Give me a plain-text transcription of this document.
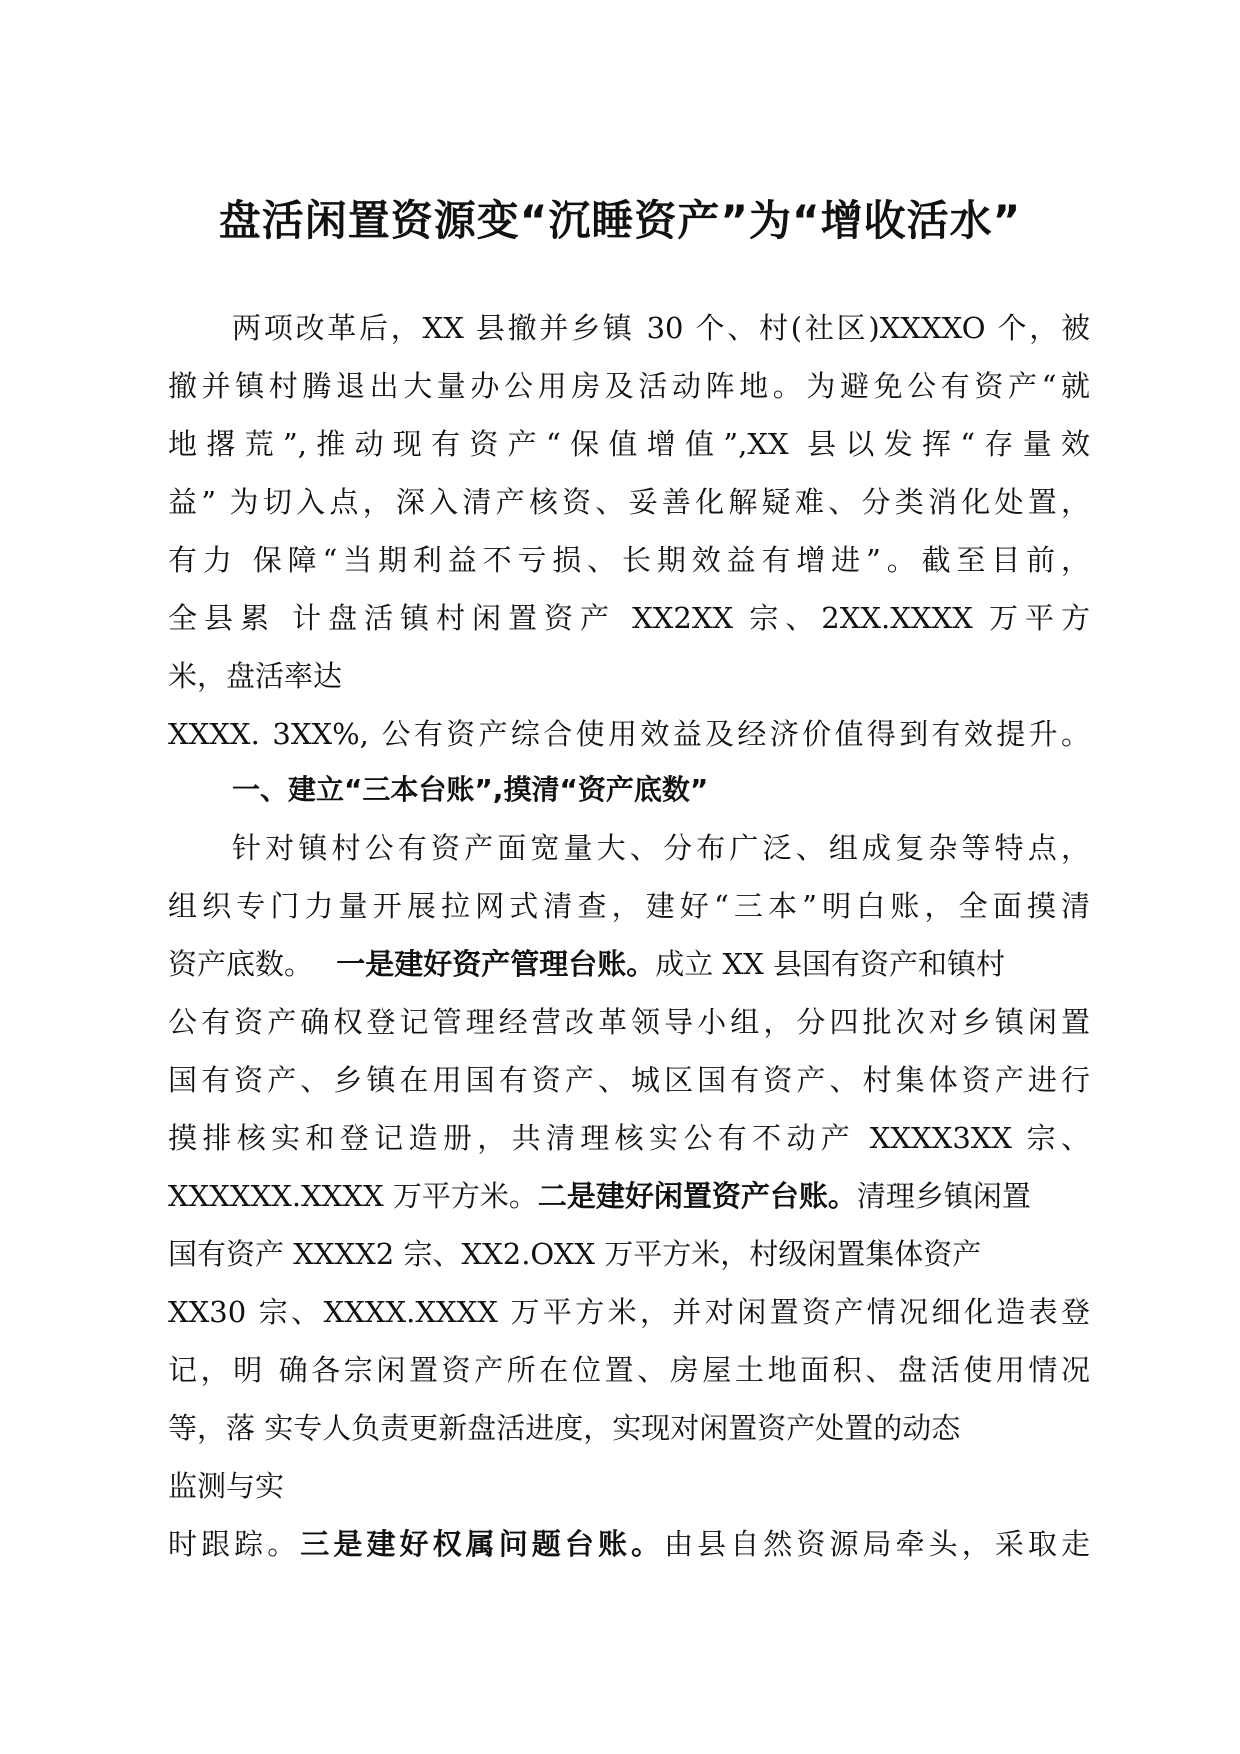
盘活闲置资源变“沉睡资产”为“增收活水”

两项改革后，XX 县撤并乡镇 30 个、村(社区)XXXXO 个，被

撤并镇村腾退出大量办公用房及活动阵地。为避免公有资产“就

地撂荒”,推动现有资产“保值增值”,XX 县以发挥“存量效

益” 为切入点，深入清产核资、妥善化解疑难、分类消化处置，

有力 保障“当期利益不亏损、长期效益有增进”。截至目前，

全县累 计盘活镇村闲置资产 XX2XX 宗、2XX.XXXX 万平方

米，盘活率达

XXXX. 3XX%, 公有资产综合使用效益及经济价值得到有效提升。

一、建立“三本台账”,摸清“资产底数”

针对镇村公有资产面宽量大、分布广泛、组成复杂等特点，

组织专门力量开展拉网式清查，建好“三本”明白账，全面摸清

资产底数。 一是建好资产管理台账。成立 XX 县国有资产和镇村

公有资产确权登记管理经营改革领导小组，分四批次对乡镇闲置

国有资产、乡镇在用国有资产、城区国有资产、村集体资产进行

摸排核实和登记造册，共清理核实公有不动产 XXXX3XX 宗、

XXXXXX.XXXX 万平方米。二是建好闲置资产台账。清理乡镇闲置

国有资产 XXXX2 宗、XX2.OXX 万平方米，村级闲置集体资产

XX30 宗、XXXX.XXXX 万平方米，并对闲置资产情况细化造表登

记，明 确各宗闲置资产所在位置、房屋土地面积、盘活使用情况

等，落 实专人负责更新盘活进度，实现对闲置资产处置的动态

监测与实

时跟踪。三是建好权属问题台账。由县自然资源局牵头，采取走
